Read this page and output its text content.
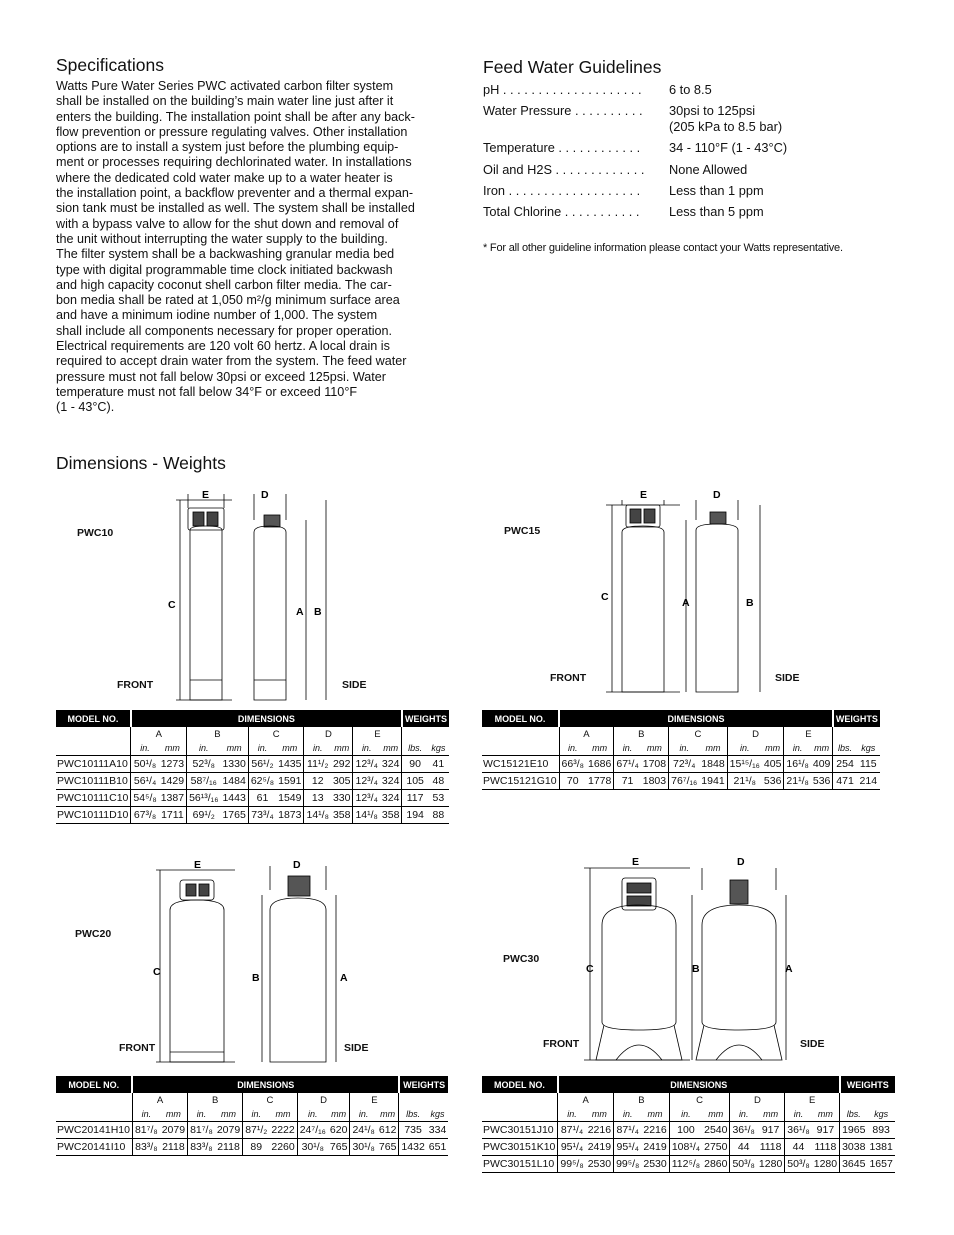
Specifications
Watts Pure Water Series PWC activated carbon filter system
shall be installed on the building’s main water line just after it
enters the building. The installation point shall be after any back-
flow prevention or pressure regulating valves. Other installation
options are to install a system just before the plumbing equip-
ment or processes requiring dechlorinated water. In installations
where the dedicated cold water make up to a water heater is
the installation point, a backflow preventer and a thermal expan-
sion tank must be installed as well. The system shall be installed
with a bypass valve to allow for the shut down and removal of
the unit without interrupting the water supply to the building.
The filter system shall be a backwashing granular media bed
type with digital programmable time clock initiated backwash
and high capacity coconut shell carbon filter media. The car-
bon media shall be rated at 1,050 m²/g minimum surface area
and have a minimum iodine number of 1,000. The system
shall include all components necessary for proper operation.
Electrical requirements are 120 volt 60 hertz. A local drain is
required to accept drain water from the system. The feed water
pressure must not fall below 30psi or exceed 125psi. Water
temperature must not fall below 34°F or exceed 110°F
(1 - 43°C).
Feed Water Guidelines
pH . . . . . . . . . . . . . . . . . . . . 6 to 8.5
Water Pressure . . . . . . . . . . 30psi to 125psi
(205 kPa to 8.5 bar)
Temperature . . . . . . . . . . . . 34 - 110°F (1 - 43°C)
Oil and H2S . . . . . . . . . . . . . None Allowed
Iron . . . . . . . . . . . . . . . . . . . Less than 1 ppm
Total Chlorine . . . . . . . . . . . Less than 5 ppm
* For all other guideline information please contact your Watts representative.
Dimensions - Weights
E	D
C
A B
E	D
C	A	B
E	D
C	B	A
E	D
C	B	A
PWC10
FRONT	SIDE
PWC15
FRONT	SIDE
PWC20
FRONT	SIDE
PWC30
FRONT	SIDE
MODEL NO.	DIMENSIONS										WEIGHTS	
	A		B		C		D		E			
	in.	mm	in.	mm	in.	mm	in.	mm	in.	mm	lbs.	kgs
PWC10111A10	50¹/₈	1273	52³/₈	1330	56¹/₂	1435	11¹/₂	292	12³/₄	324	90	41
PWC10111B10	56¹/₄	1429	58⁷/₁₆	1484	62⁵/₈	1591	12	305	12³/₄	324	105	48
PWC10111C10	54⁵/₈	1387	56¹³/₁₆	1443	61	1549	13	330	12³/₄	324	117	53
PWC10111D10	67³/₈	1711	69¹/₂	1765	73³/₄	1873	14¹/₈	358	14¹/₈	358	194	88
MODEL NO.	DIMENSIONS										WEIGHTS	
	A		B		C		D		E			
	in.	mm	in.	mm	in.	mm	in.	mm	in.	mm	lbs.	kgs
WC15121E10	66³/₈	1686	67¹/₄	1708	72³/₄	1848	15¹⁵/₁₆	405	16¹/₈	409	254	115
PWC15121G10	70	1778	71	1803	76⁷/₁₆	1941	21¹/₈	536	21¹/₈	536	471	214
MODEL NO.	DIMENSIONS										WEIGHTS	
	A		B		C		D		E			
	in.	mm	in.	mm	in.	mm	in.	mm	in.	mm	lbs.	kgs
PWC20141H10	81⁷/₈	2079	81⁷/₈	2079	87¹/₂	2222	24⁷/₁₆	620	24¹/₈	612	735	334
PWC20141I10	83³/₈	2118	83³/₈	2118	89	2260	30¹/₈	765	30¹/₈	765	1432	651
MODEL NO.	DIMENSIONS										WEIGHTS	
	A		B		C		D		E			
	in.	mm	in.	mm	in.	mm	in.	mm	in.	mm	lbs.	kgs
PWC30151J10	87¹/₄	2216	87¹/₄	2216	100	2540	36¹/₈	917	36¹/₈	917	1965	893
PWC30151K10	95¹/₄	2419	95¹/₄	2419	108¹/₄	2750	44	1118	44	1118	3038	1381
PWC30151L10	99⁵/₈	2530	99⁵/₈	2530	112⁵/₈	2860	50³/₈	1280	50³/₈	1280	3645	1657
